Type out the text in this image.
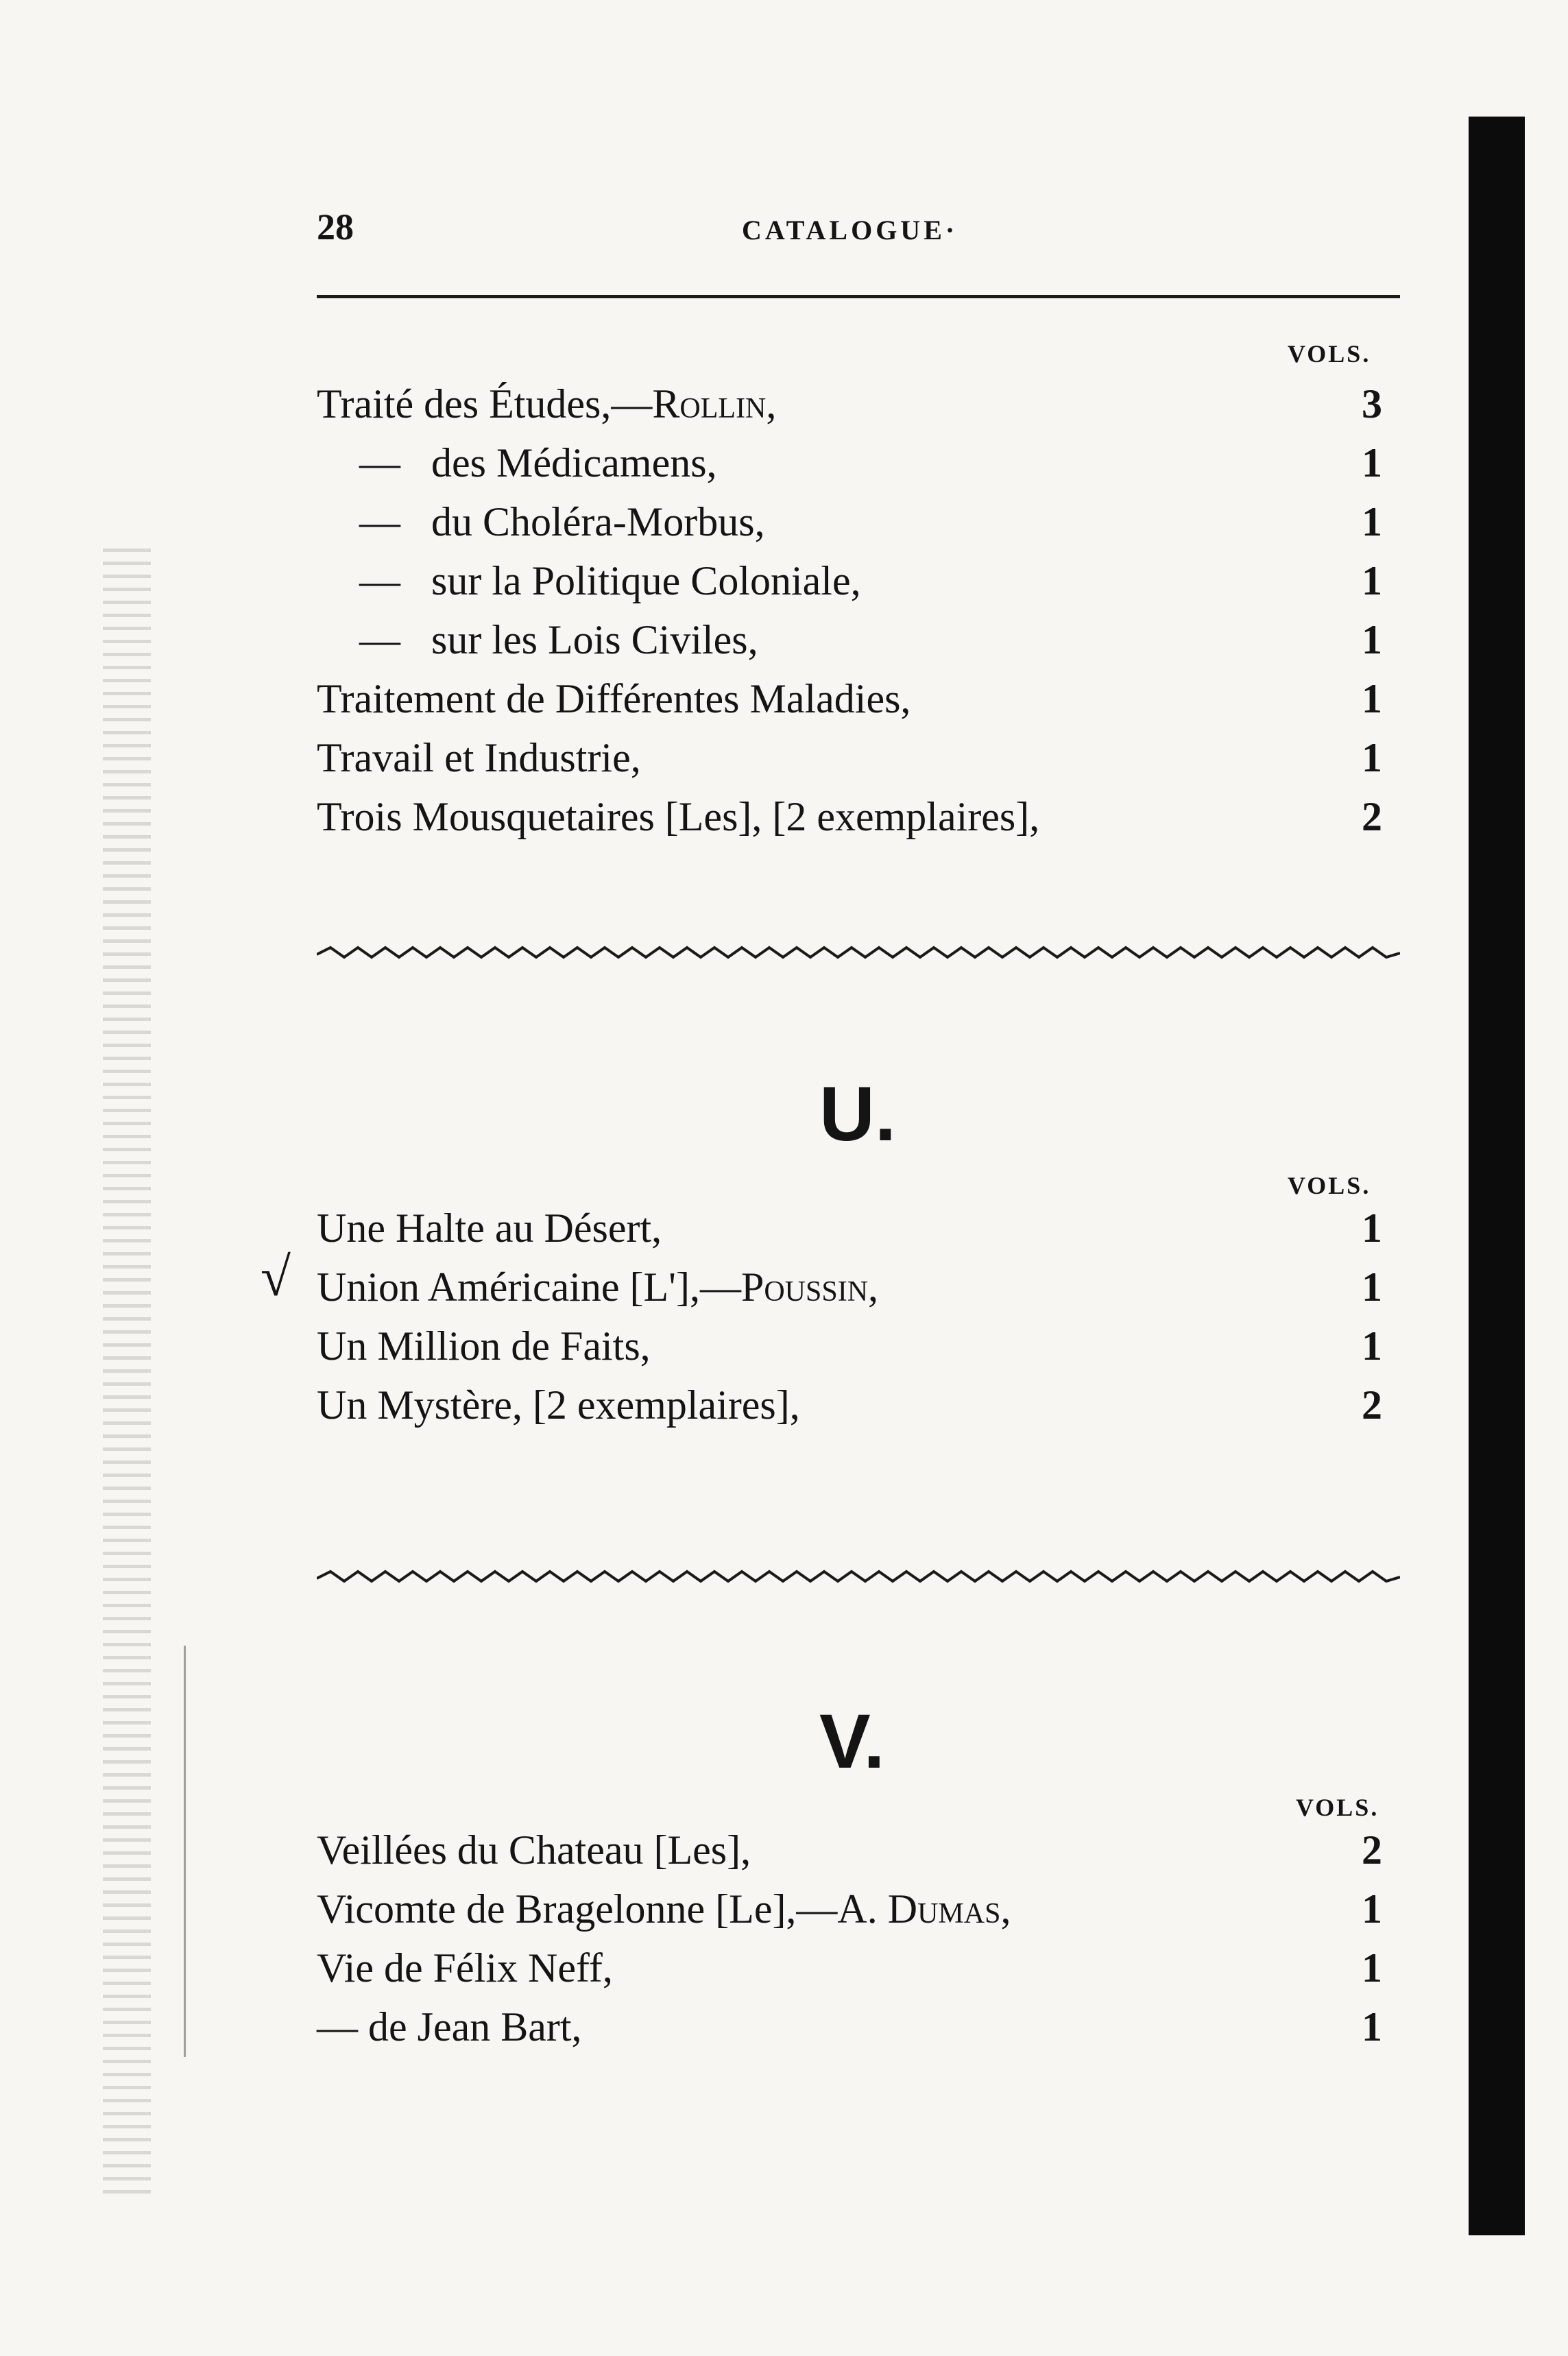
28	CATALOGUE·
VOLS.
Traité des Études,—Rollin,	3
— des Médicamens,	1
— du Choléra-Morbus,	1
— sur la Politique Coloniale,	1
— sur les Lois Civiles,	1
Traitement de Différentes Maladies,	1
Travail et Industrie,	1
Trois Mousquetaires [Les], [2 exemplaires],	2
U.
VOLS.
√
Une Halte au Désert,	1
Union Américaine [L'],—Poussin,	1
Un Million de Faits,	1
Un Mystère, [2 exemplaires],	2
V.
VOLS.
Veillées du Chateau [Les],	2
Vicomte de Bragelonne [Le],—A. Dumas,	1
Vie de Félix Neff,	1
— de Jean Bart,	1
